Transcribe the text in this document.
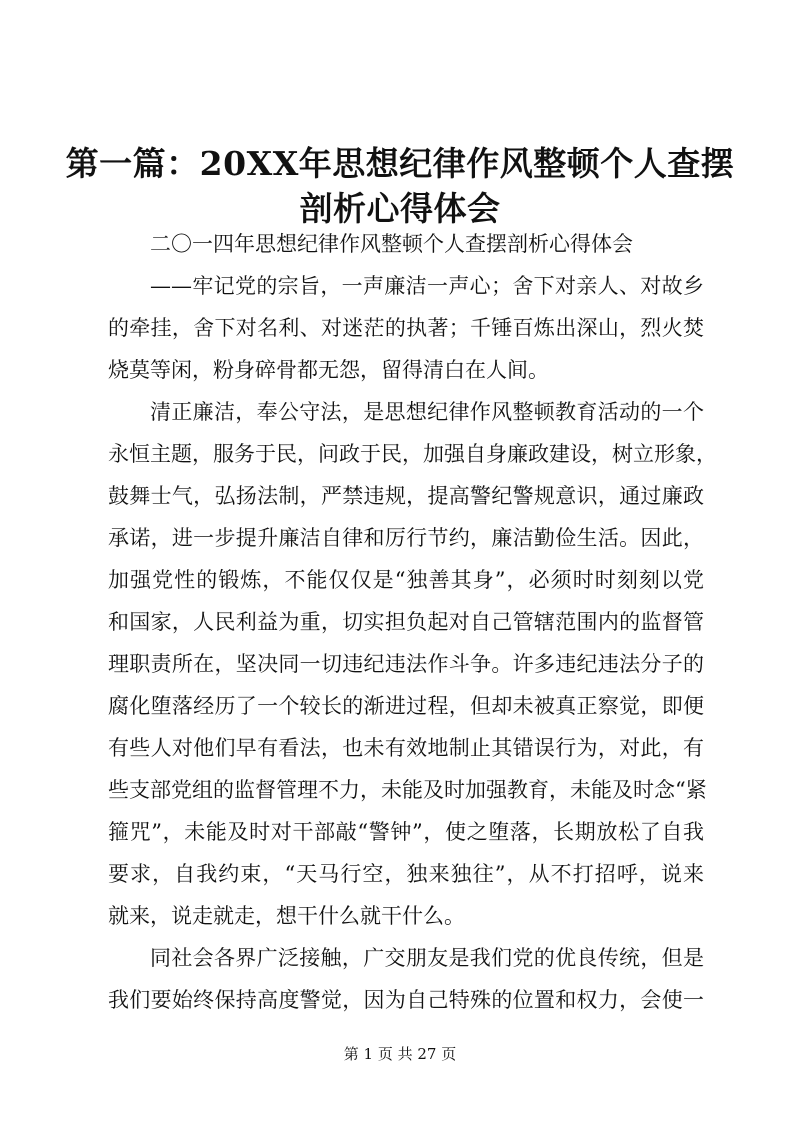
第一篇：20XX年思想纪律作风整顿个人查摆
剖析心得体会
二〇一四年思想纪律作风整顿个人查摆剖析心得体会
——牢记党的宗旨，一声廉洁一声心；舍下对亲人、对故乡
的牵挂，舍下对名利、对迷茫的执著；千锤百炼出深山，烈火焚
烧莫等闲，粉身碎骨都无怨，留得清白在人间。
清正廉洁，奉公守法，是思想纪律作风整顿教育活动的一个
永恒主题，服务于民，问政于民，加强自身廉政建设，树立形象，
鼓舞士气，弘扬法制，严禁违规，提高警纪警规意识，通过廉政
承诺，进一步提升廉洁自律和厉行节约，廉洁勤俭生活。因此，
加强党性的锻炼，不能仅仅是“独善其身”，必须时时刻刻以党
和国家，人民利益为重，切实担负起对自己管辖范围内的监督管
理职责所在，坚决同一切违纪违法作斗争。许多违纪违法分子的
腐化堕落经历了一个较长的渐进过程，但却未被真正察觉，即便
有些人对他们早有看法，也未有效地制止其错误行为，对此，有
些支部党组的监督管理不力，未能及时加强教育，未能及时念“紧
箍咒”，未能及时对干部敲“警钟”，使之堕落，长期放松了自我
要求，自我约束，“天马行空，独来独往”，从不打招呼，说来
就来，说走就走，想干什么就干什么。
同社会各界广泛接触，广交朋友是我们党的优良传统，但是
我们要始终保持高度警觉，因为自己特殊的位置和权力，会使一
第 1 页 共 27 页
